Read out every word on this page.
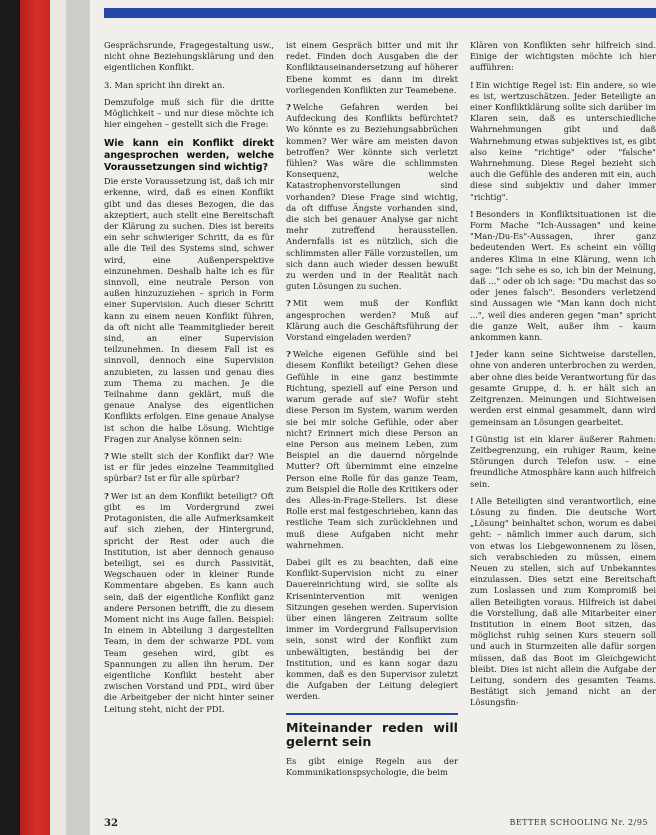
Gesprächsrunde, Fragegestaltung usw., nicht ohne Beziehungsklärung und den eigentlichen Konflikt.

3. Man spricht ihn direkt an.

Demzufolge muß sich für die dritte Möglichkeit – und nur diese möchte ich hier eingehen – gestellt sich die Frage:

Wie kann ein Konflikt direkt angesprochen werden, welche Voraussetzungen sind wichtig?

Die erste Voraussetzung ist, daß ich mir erkenne, wird, daß es einen Konflikt gibt und das dieses Bezogen, die das akzeptiert, auch stellt eine Bereitschaft der Klärung zu suchen. Dies ist bereits ein sehr schwieriger Schritt, da es für alle die Teil des Systems sind, schwer wird, eine Außenperspektive einzunehmen. Deshalb halte ich es für sinnvoll, eine neutrale Person von außen hinzuzuziehen – sprich in Form einer Supervision. Auch dieser Schritt kann zu einem neuen Konflikt führen, da oft nicht alle Teammitglieder bereit sind, an einer Supervision teilzunehmen. In diesem Fall ist es sinnvoll, dennoch eine Supervision anzubieten, zu lassen und genau dies zum Thema zu machen. Je die Teilnahme dann geklärt, muß die genaue Analyse des eigentlichen Konflikts erfolgen. Eine genaue Analyse ist schon die halbe Lösung. Wichtige Fragen zur Analyse können sein:

? Wie stellt sich der Konflikt dar? Wie ist er für jedes einzelne Teammitglied spürbar? Ist er für alle spürbar?

? Wer ist an dem Konflikt beteiligt? Oft gibt es im Vordergrund zwei Protagonisten, die alle Aufmerksamkeit auf sich ziehen, der Hintergrund, spricht der Rest oder auch die Institution, ist aber dennoch genauso beteiligt, sei es durch Passivität, Wegschauen oder in kleiner Runde Kommentare abgeben. Es kann auch sein, daß der eigentliche Konflikt ganz andere Personen betrifft, die zu diesem Moment nicht ins Auge fallen. Beispiel: In einem in Abteilung 3 dargestellten Team, in dem der schwarze PDL vom Team gesehen wird, gibt es Spannungen zu allen ihn herum. Der eigentliche Konflikt besteht aber zwischen Vorstand und PDL, wird über die Arbeitgeber der nicht hinter seiner Leitung steht, nicht der PDL

ist einem Gespräch bitter und mit ihr redet. Finden doch Ausgaben die der Konfliktauseinandersetzung auf höherer Ebene kommt es dann im direkt vorliegenden Konflikten zur Teamebene.

? Welche Gefahren werden bei Aufdeckung des Konflikts befürchtet? Wo könnte es zu Beziehungsabbrüchen kommen? Wer wäre am meisten davon betroffen? Wer könnte sich verletzt fühlen? Was wäre die schlimmsten Konsequenz, welche Katastrophenvorstellungen sind vorhanden? Diese Frage sind wichtig, da oft diffuse Ängste vorhanden sind, die sich bei genauer Analyse gar nicht mehr zutreffend herausstellen. Andernfalls ist es nützlich, sich die schlimmsten aller Fälle vorzustellen, um sich dann auch wieder dessen bewußt zu werden und in der Realität nach guten Lösungen zu suchen.

? Mit wem muß der Konflikt angesprochen werden? Muß auf Klärung auch die Geschäftsführung der Vorstand eingeladen werden?

? Welche eigenen Gefühle sind bei diesem Konflikt beteiligt? Gehen diese Gefühle in eine ganz bestimmte Richtung, speziell auf eine Person und warum gerade auf sie? Wofür steht diese Person im System, warum werden sie bei mir solche Gefühle, oder aber nicht? Erinnert mich diese Person an eine Person aus meinem Leben, zum Beispiel an die dauernd nörgelnde Mutter? Oft übernimmt eine einzelne Person eine Rolle für das ganze Team, zum Beispiel die Rolle des Kritikers oder des Alles-in-Frage-Stellers. Ist diese Rolle erst mal festgeschrieben, kann das restliche Team sich zurücklehnen und muß diese Aufgaben nicht mehr wahrnehmen.

Dabei gilt es zu beachten, daß eine Konflikt-Supervision nicht zu einer Dauereinrichtung wird, sie sollte als Krisenintervention mit wenigen Sitzungen gesehen werden. Supervision über einen längeren Zeitraum sollte immer im Vordergrund Fallsupervision sein, sonst wird der Konflikt zum unbewältigten, beständig bei der Institution, und es kann sogar dazu kommen, daß es den Supervisor zuletzt die Aufgaben der Leitung delegiert werden.

Miteinander reden will gelernt sein

Es gibt einige Regeln aus der Kommunikationspsychologie, die beim

Klären von Konflikten sehr hilfreich sind. Einige der wichtigsten möchte ich hier aufführen:

! Ein wichtige Regel ist: Ein andere, so wie es ist, wertzuschätzen. Jeder Beteiligte an einer Konfliktklärung sollte sich darüber im Klaren sein, daß es unterschiedliche Wahrnehmungen gibt und daß Wahrnehmung etwas subjektives ist, es gibt also keine "richtige" oder "falsche" Wahrnehmung. Diese Regel bezieht sich auch die Gefühle des anderen mit ein, auch diese sind subjektiv und daher immer "richtig".

! Besonders in Konfliktsituationen ist die Form Mache "Ich-Aussagen" und keine "Man-/Du-Es"-Aussagen, ihrer ganz bedeutenden Wert. Es scheint ein völlig anderes Klima in eine Klärung, wenn ich sage: "Ich sehe es so, ich bin der Meinung, daß ..." oder ob ich sage: "Du machst das so oder jenes falsch". Besonders verletzend sind Aussagen wie "Man kann doch nicht ...", weil dies anderen gegen "man" spricht die ganze Welt, außer ihm – kaum ankommen kann.

! Jeder kann seine Sichtweise darstellen, ohne von anderen unterbrochen zu werden, aber ohne dies beide Verantwortung für das gesamte Gruppe, d. h. er hält sich an Zeitgrenzen. Meinungen und Sichtweisen werden erst einmal gesammelt, dann wird gemeinsam an Lösungen gearbeitet.

! Günstig ist ein klarer äußerer Rahmen: Zeitbegrenzung, ein ruhiger Raum, keine Störungen durch Telefon usw. – eine freundliche Atmosphäre kann auch hilfreich sein.

! Alle Beteiligten sind verantwortlich, eine Lösung zu finden. Die deutsche Wort „Lösung" beinhaltet schon, worum es dabei geht: – nämlich immer auch darum, sich von etwas los Liebgewonnenem zu lösen, sich verabschieden zu müssen, einem Neuen zu stellen, sich auf Unbekanntes einzulassen. Dies setzt eine Bereitschaft zum Loslassen und zum Kompromiß bei allen Beteiligten voraus. Hilfreich ist dabei die Vorstellung, daß alle Mitarbeiter einer Institution in einem Boot sitzen, das möglichst ruhig seinen Kurs steuern soll und auch in Sturmzeiten alle dafür sorgen müssen, daß das Boot im Gleichgewicht bleibt. Dies ist nicht allein die Aufgabe der Leitung, sondern des gesamten Teams. Bestätigt sich jemand nicht an der Lösungsfin-

32	BETTER SCHOOLING Nr. 2/95
